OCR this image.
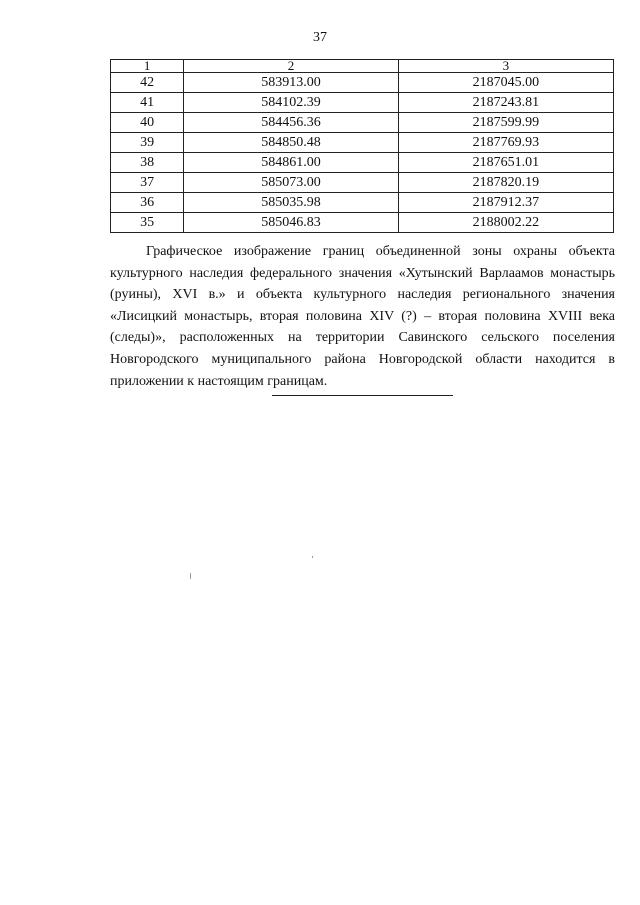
37
1	2	3
42	583913.00	2187045.00
41	584102.39	2187243.81
40	584456.36	2187599.99
39	584850.48	2187769.93
38	584861.00	2187651.01
37	585073.00	2187820.19
36	585035.98	2187912.37
35	585046.83	2188002.22

Графическое изображение границ объединенной зоны охраны объекта культурного наследия федерального значения «Хутынский Варлаамов монастырь (руины), XVI в.» и объекта культурного наследия регионального значения «Лисицкий монастырь, вторая половина XIV (?) – вторая половина XVIII века (следы)», расположенных на территории Савинского сельского поселения Новгородского муниципального района Новгородской области находится в приложении к настоящим границам.
